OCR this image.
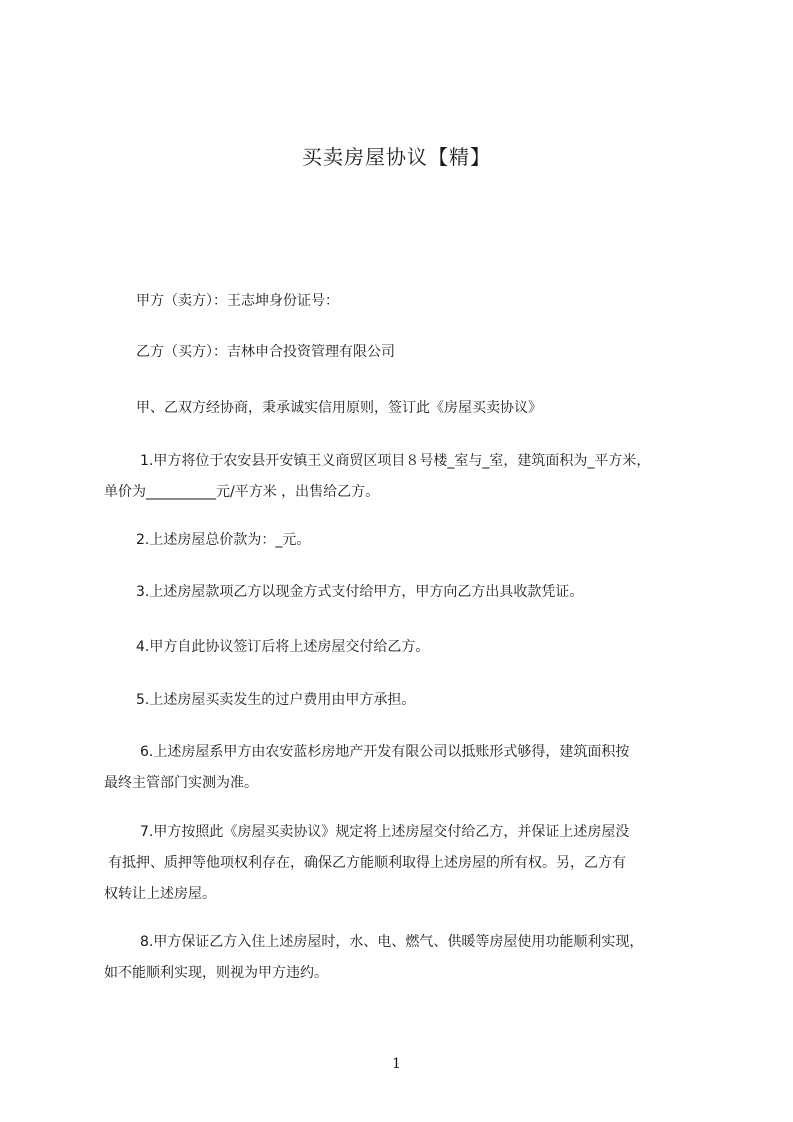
买卖房屋协议【精】
甲方（卖方）：王志坤身份证号：
乙方（买方）：吉林申合投资管理有限公司
甲、乙双方经协商，秉承诚实信用原则，签订此《房屋买卖协议》
1.甲方将位于农安县开安镇王义商贸区项目８号楼_室与_室，建筑面积为_平方米，
单价为__________元/平方米 ，出售给乙方。
2.上述房屋总价款为：_元。
3.上述房屋款项乙方以现金方式支付给甲方，甲方向乙方出具收款凭证。
4.甲方自此协议签订后将上述房屋交付给乙方。
5.上述房屋买卖发生的过户费用由甲方承担。
6.上述房屋系甲方由农安蓝杉房地产开发有限公司以抵账形式够得，建筑面积按
最终主管部门实测为准。
7.甲方按照此《房屋买卖协议》规定将上述房屋交付给乙方，并保证上述房屋没
有抵押、质押等他项权利存在，确保乙方能顺利取得上述房屋的所有权。另，乙方有
权转让上述房屋。
8.甲方保证乙方入住上述房屋时，水、电、燃气、供暖等房屋使用功能顺利实现，
如不能顺利实现，则视为甲方违约。
1
